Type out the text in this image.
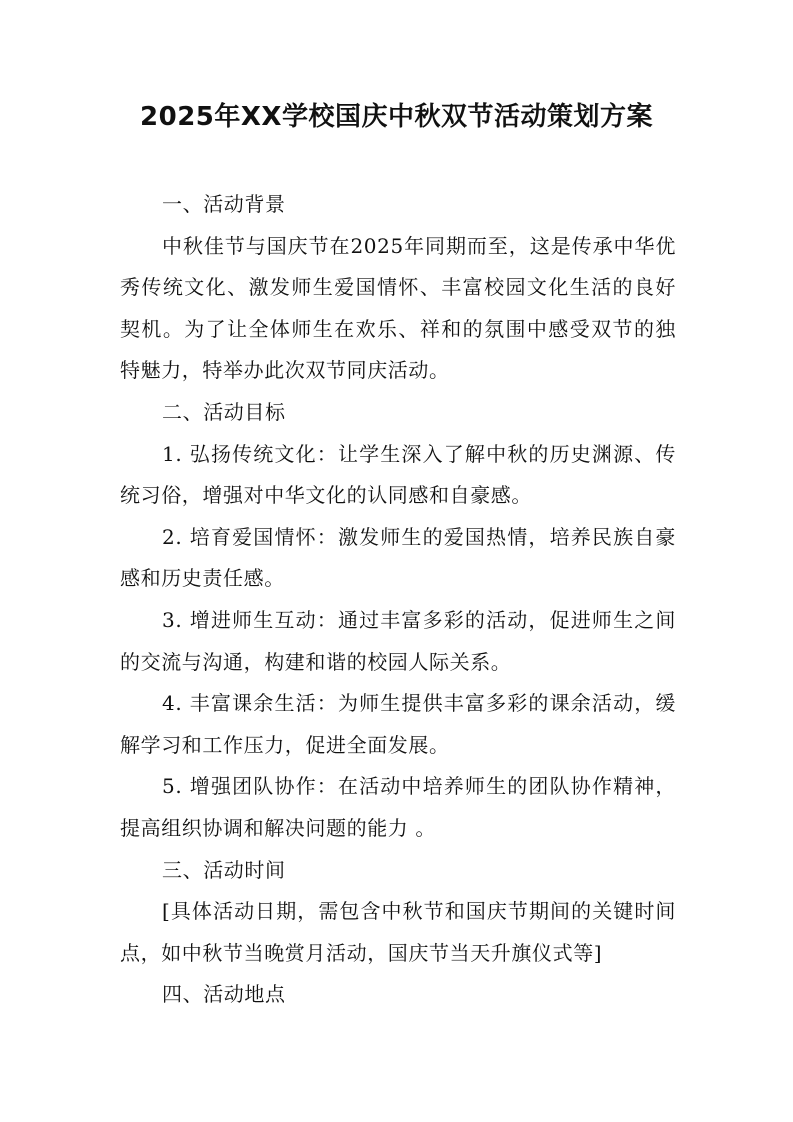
2025年XX学校国庆中秋双节活动策划方案

一、活动背景

中秋佳节与国庆节在2025年同期而至，这是传承中华优秀传统文化、激发师生爱国情怀、丰富校园文化生活的良好契机。为了让全体师生在欢乐、祥和的氛围中感受双节的独特魅力，特举办此次双节同庆活动。

二、活动目标

1. 弘扬传统文化：让学生深入了解中秋的历史渊源、传统习俗，增强对中华文化的认同感和自豪感。

2. 培育爱国情怀：激发师生的爱国热情，培养民族自豪感和历史责任感。

3. 增进师生互动：通过丰富多彩的活动，促进师生之间的交流与沟通，构建和谐的校园人际关系。

4. 丰富课余生活：为师生提供丰富多彩的课余活动，缓解学习和工作压力，促进全面发展。

5. 增强团队协作：在活动中培养师生的团队协作精神，提高组织协调和解决问题的能力 。

三、活动时间

[具体活动日期，需包含中秋节和国庆节期间的关键时间点，如中秋节当晚赏月活动，国庆节当天升旗仪式等]

四、活动地点
